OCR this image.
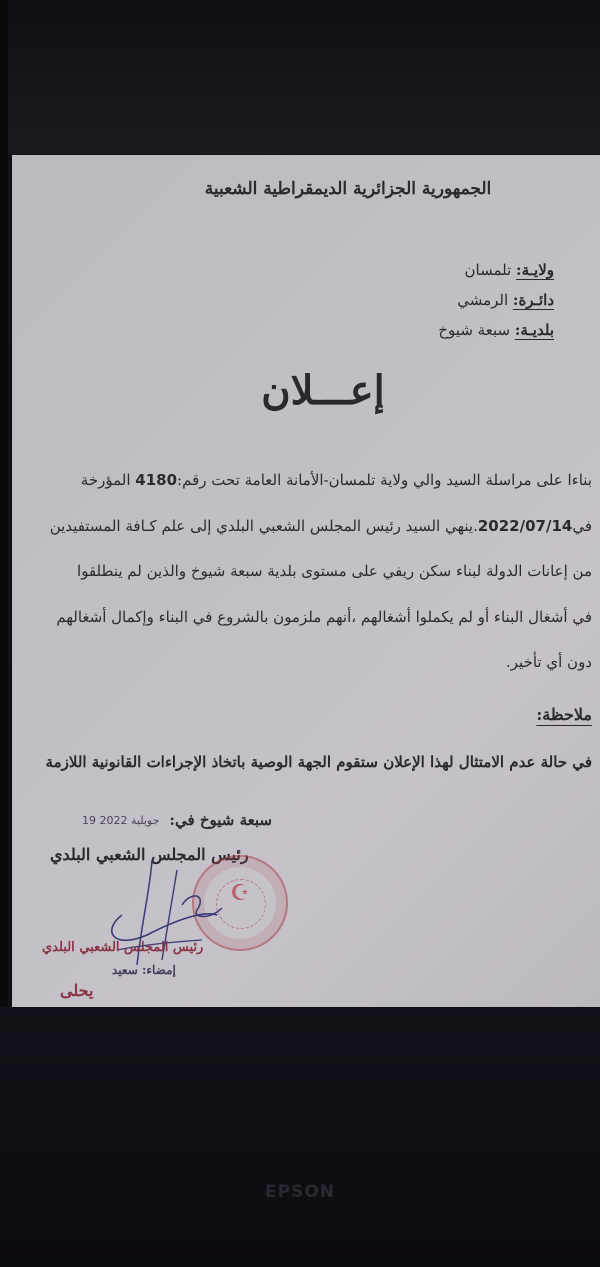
EPSON
الجمهورية الجزائرية الديمقراطية الشعبية
ولايـة: تلمسان
دائـرة: الرمشي
بلديـة: سبعة شيوخ
إعـــلان

بناءا على مراسلة السيد والي ولاية تلمسان-الأمانة العامة تحت رقم:4180 المؤرخة

في2022/07/14.ينهي السيد رئيس المجلس الشعبي البلدي إلى علم كـافة المستفيدين

من إعانات الدولة لبناء سكن ريفي على مستوى بلدية سبعة شيوخ والذين لم ينطلقوا

في أشغال البناء أو لم يكملوا أشغالهم ،أنهم ملزمون بالشروع في البناء وإكمال أشغالهم

دون أي تأخير.

ملاحظة:
في حالة عدم الامتثال لهذا الإعلان ستقوم الجهة الوصية باتخاذ الإجراءات القانونية اللازمة
سبعة شيوخ في:
19 جويلية 2022
رئيس المجلس الشعبي البلدي
☪
رئيس المجلس الشعبي البلدي
إمضاء: سعيد
يحلى
